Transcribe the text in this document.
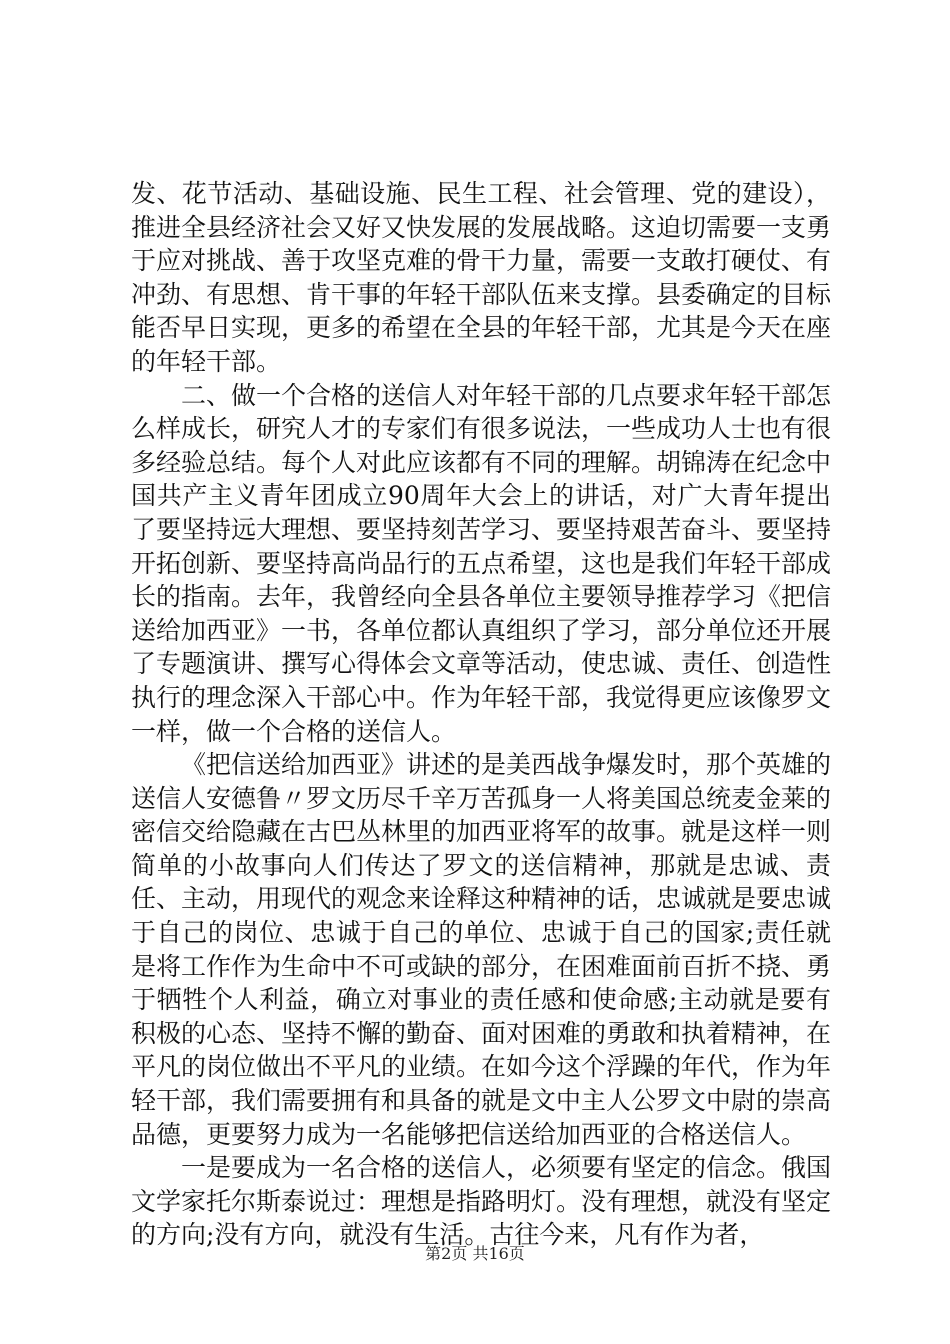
发、花节活动、基础设施、民生工程、社会管理、党的建设），推进全县经济社会又好又快发展的发展战略。这迫切需要一支勇于应对挑战、善于攻坚克难的骨干力量，需要一支敢打硬仗、有冲劲、有思想、肯干事的年轻干部队伍来支撑。县委确定的目标能否早日实现，更多的希望在全县的年轻干部，尤其是今天在座的年轻干部。

二、做一个合格的送信人对年轻干部的几点要求年轻干部怎么样成长，研究人才的专家们有很多说法，一些成功人士也有很多经验总结。每个人对此应该都有不同的理解。胡锦涛在纪念中国共产主义青年团成立90周年大会上的讲话，对广大青年提出了要坚持远大理想、要坚持刻苦学习、要坚持艰苦奋斗、要坚持开拓创新、要坚持高尚品行的五点希望，这也是我们年轻干部成长的指南。去年，我曾经向全县各单位主要领导推荐学习《把信送给加西亚》一书，各单位都认真组织了学习，部分单位还开展了专题演讲、撰写心得体会文章等活动，使忠诚、责任、创造性执行的理念深入干部心中。作为年轻干部，我觉得更应该像罗文一样，做一个合格的送信人。

《把信送给加西亚》讲述的是美西战争爆发时，那个英雄的送信人安德鲁〃罗文历尽千辛万苦孤身一人将美国总统麦金莱的密信交给隐藏在古巴丛林里的加西亚将军的故事。就是这样一则简单的小故事向人们传达了罗文的送信精神，那就是忠诚、责任、主动，用现代的观念来诠释这种精神的话，忠诚就是要忠诚于自己的岗位、忠诚于自己的单位、忠诚于自己的国家;责任就是将工作作为生命中不可或缺的部分，在困难面前百折不挠、勇于牺牲个人利益，确立对事业的责任感和使命感;主动就是要有积极的心态、坚持不懈的勤奋、面对困难的勇敢和执着精神，在平凡的岗位做出不平凡的业绩。在如今这个浮躁的年代，作为年轻干部，我们需要拥有和具备的就是文中主人公罗文中尉的崇高品德，更要努力成为一名能够把信送给加西亚的合格送信人。

一是要成为一名合格的送信人，必须要有坚定的信念。俄国文学家托尔斯泰说过：理想是指路明灯。没有理想，就没有坚定的方向;没有方向，就没有生活。古往今来，凡有作为者，

第2页 共16页
